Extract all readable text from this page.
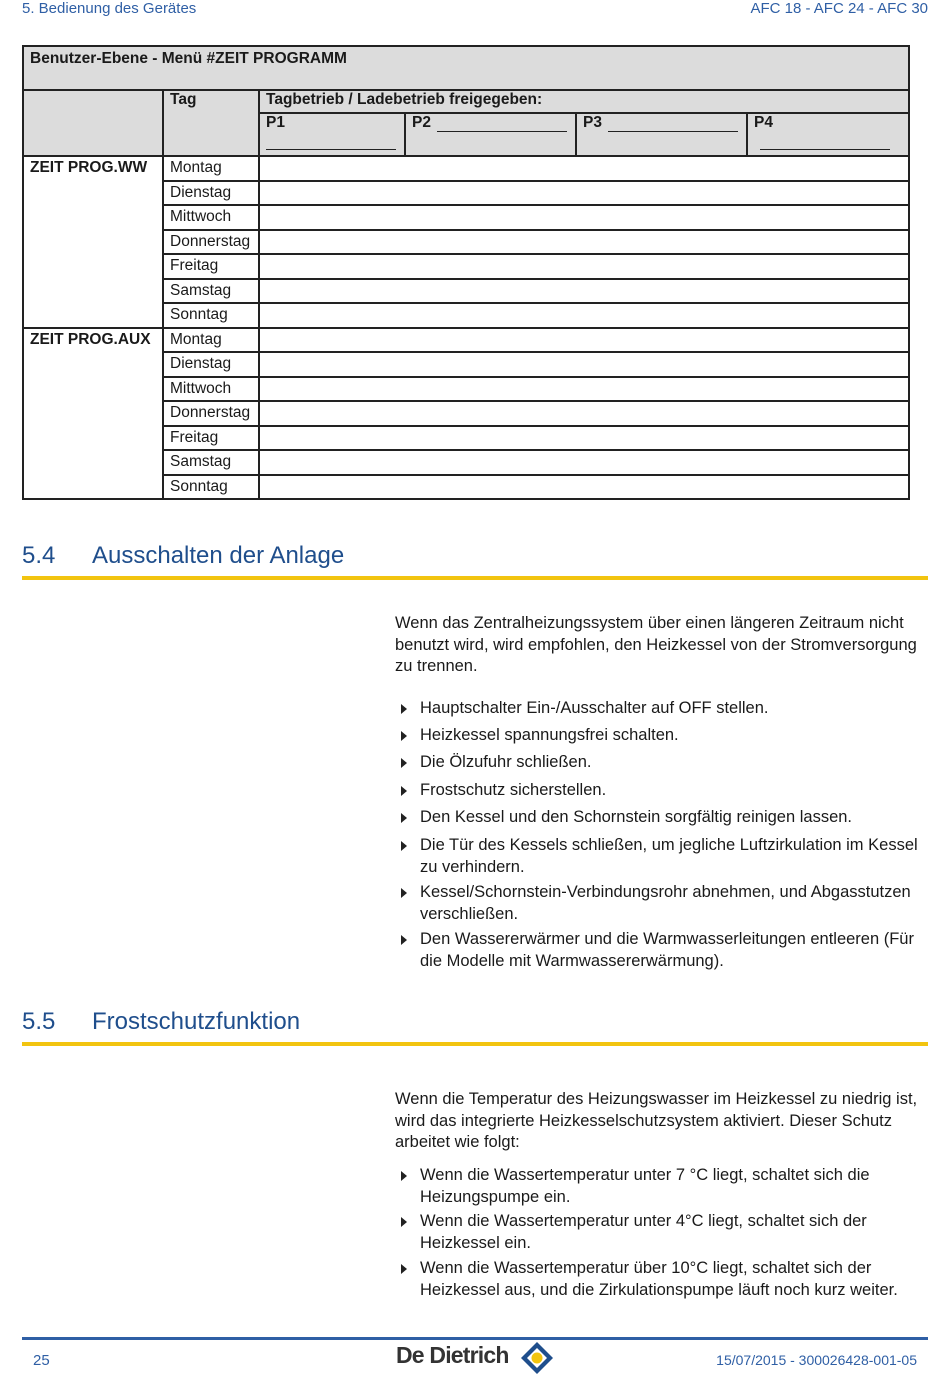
5. Bedienung des Gerätes	AFC 18 - AFC 24 - AFC 30
Benutzer-Ebene - Menü #ZEIT PROGRAMM					
	Tag	Tagbetrieb / Ladebetrieb freigegeben:			
		P1	P2	P3	P4
ZEIT PROG.WW	Montag				
	Dienstag				
	Mittwoch				
	Donnerstag				
	Freitag				
	Samstag				
	Sonntag				
ZEIT PROG.AUX	Montag				
	Dienstag				
	Mittwoch				
	Donnerstag				
	Freitag				
	Samstag				
	Sonntag				
5.4 Ausschalten der Anlage
Wenn das Zentralheizungssystem über einen längeren Zeitraum nicht benutzt wird, wird empfohlen, den Heizkessel von der Stromversorgung zu trennen.
Hauptschalter Ein-/Ausschalter auf OFF stellen.
Heizkessel spannungsfrei schalten.
Die Ölzufuhr schließen.
Frostschutz sicherstellen.
Den Kessel und den Schornstein sorgfältig reinigen lassen.
Die Tür des Kessels schließen, um jegliche Luftzirkulation im Kessel zu verhindern.
Kessel/Schornstein-Verbindungsrohr abnehmen, und Abgasstutzen verschließen.
Den Wassererwärmer und die Warmwasserleitungen entleeren (Für die Modelle mit Warmwassererwärmung).
5.5 Frostschutzfunktion
Wenn die Temperatur des Heizungswasser im Heizkessel zu niedrig ist, wird das integrierte Heizkesselschutzsystem aktiviert. Dieser Schutz arbeitet wie folgt:
Wenn die Wassertemperatur unter 7 °C liegt, schaltet sich die Heizungspumpe ein.
Wenn die Wassertemperatur unter 4°C liegt, schaltet sich der Heizkessel ein.
Wenn die Wassertemperatur über 10°C liegt, schaltet sich der Heizkessel aus, und die Zirkulationspumpe läuft noch kurz weiter.
25	De Dietrich	15/07/2015 - 300026428-001-05
